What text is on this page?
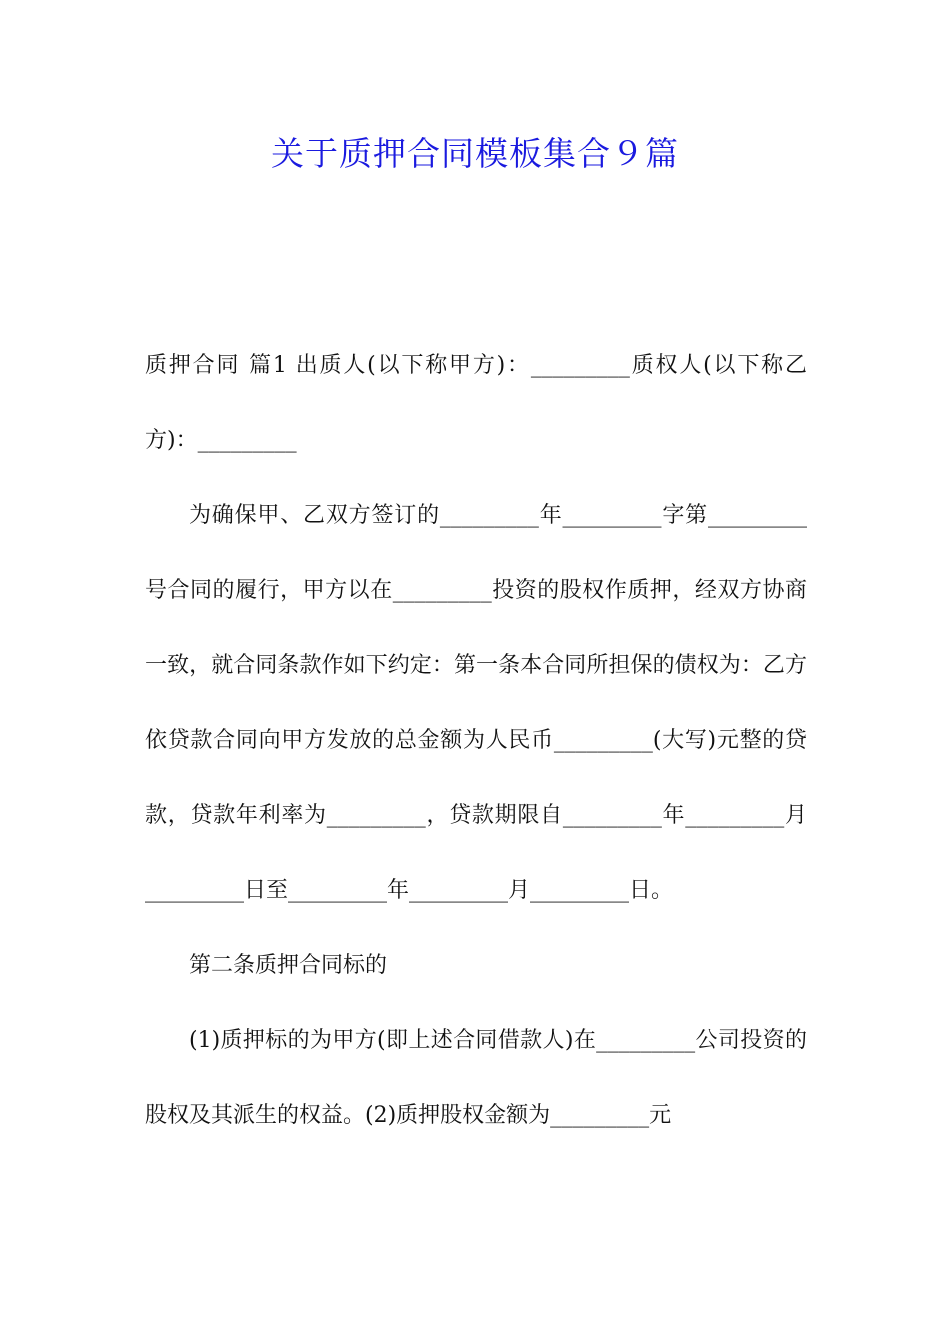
关于质押合同模板集合９篇

质押合同 篇1 出质人(以下称甲方)：_________质权人(以下称乙方)：_________

为确保甲、乙双方签订的_________年_________字第_________号合同的履行，甲方以在_________投资的股权作质押，经双方协商一致，就合同条款作如下约定：第一条本合同所担保的债权为：乙方依贷款合同向甲方发放的总金额为人民币_________(大写)元整的贷款，贷款年利率为_________，贷款期限自_________年_________月_________日至_________年_________月_________日。

第二条质押合同标的

(1)质押标的为甲方(即上述合同借款人)在_________公司投资的股权及其派生的权益。(2)质押股权金额为_________元
